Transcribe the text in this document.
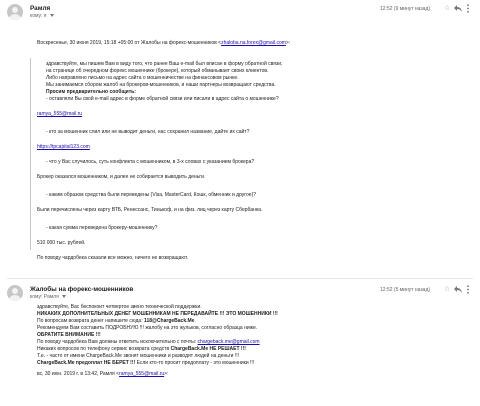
Рамля
кому: я
12:52 (9 минут назад) ☆
Воскресенье, 30 июня 2019, 15:18 +05:00 от Жалобы на форекс-мошенников <zhaloba.na.forex@gmail.com>:
здравствуйте, мы пишем Вам в виду того, что ранее Ваш e-mail был вписан в форму обратной связи,
на странице об очередном форекс мошеннике (брокере), который обманывает своих клиентов.
Либо направлено письмо на адрес сайта о мошенничестве на финансовом рынке.
Мы занимаемся сбором жалоб на брокеров-мошенников, и наши партнеры возвращают средства.
Просим предварительно сообщить:
- оставляли Вы свой e-mail адрес в форме обратной связи или писали в адрес сайта о мошеннике?
ramya_555@mail.ru
- кто за мошенник слил или не выводит деньги, нас сохранил название, дайте их сайт?
https://tpcapital123.com
- что у Вас случилось, суть конфликта с мошенником, в 3-х словах с указанием брокера?
Брокер оказался мошенником, и далее не собирается выводить деньги.
- каким образом средства были переведены (Visa, MasterCard, Кошк, обменник и другое)?
Были перечислены через карту ВТБ, Ренессанс, Тинькоф, и на физ. лиц через карту Сбербанка.
- какая сумма переведена брокеру-мошеннику?
510 000 тыс. рублей.
По поводу чардобека сказали все можно, ничего не возвращают.
Жалобы на форекс-мошенников
кому: Рамля
12:52 (5 минут назад) ☆
здравствуйте, Вас беспокоит четвертое звено технической поддержки.
НИКАКИХ ДОПОЛНИТЕЛЬНЫХ ДЕНЕГ МОШЕННИКАМ НЕ ПЕРЕДАВАЙТЕ !!! ЭТО МОШЕННИКИ !!!
По вопросам возврата денег напишите сюда: 118@ChargeBack.Me
Рекомендуем Вам составить ПОДРОБНУЮ !!! жалобу на это жульков, согласно образца ниже.
ОБРАТИТЕ ВНИМАНИЕ !!!
По поводу чардобека Вам должны ответить исключительно с почты: chargeback.me@gmail.com
Никаких вопросов по телефону сервис возврата средств ChargeBack.Me НЕ РЕШАЕТ !!!
Т.е. - часто от имени ChargeBack.Me звонят мошенники и разводят людей на деньги !!!
ChargeBack.Me предоплат НЕ БЕРЕТ !!! Если кто-то просит предоплату - это мошенники !!!
вс, 30 июн. 2019 г. в 13:42, Рамля <ramya_555@mail.ru>:
